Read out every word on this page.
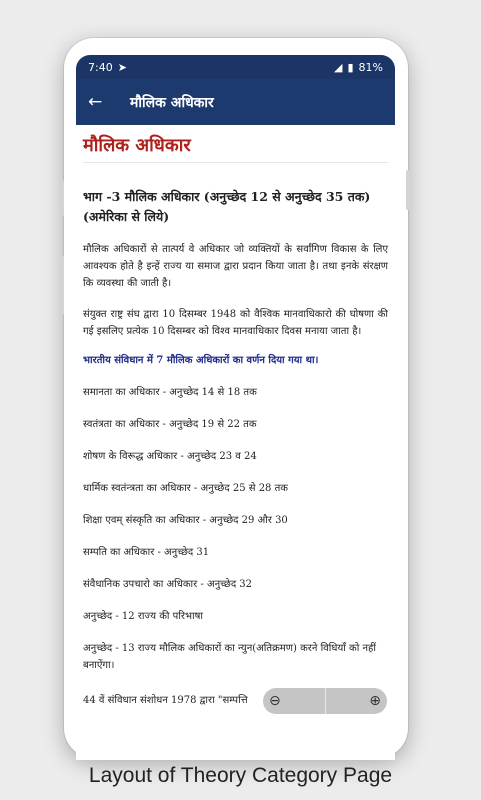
7:40 ➤	◢ ▮ 81%
←	मौलिक अधिकार
मौलिक अधिकार
भाग -3 मौलिक अधिकार (अनुच्छेद 12 से अनुच्छेद 35 तक) (अमेरिका से लिये)
मौलिक अधिकारों से तात्पर्य वे अधिकार जो व्यक्तियों के सर्वांगिण विकास के लिए आवश्यक होते है इन्हें राज्य या समाज द्वारा प्रदान किया जाता है। तथा इनके संरक्षण कि व्यवस्था की जाती है।
संयुक्त राष्ट्र संघ द्वारा 10 दिसम्बर 1948 को वैश्विक मानवाधिकारो की घोषणा की गई इसलिए प्रत्येक 10 दिसम्बर को विश्व मानवाधिकार दिवस मनाया जाता है।
भारतीय संविधान में 7 मौलिक अधिकारों का वर्णन दिया गया था।
समानता का अधिकार - अनुच्छेद 14 से 18 तक
स्वतंत्रता का अधिकार - अनुच्छेद 19 से 22 तक
शोषण के विरूद्ध अधिकार - अनुच्छेद 23 व 24
धार्मिक स्वतंन्त्रता का अधिकार - अनुच्छेद 25 से 28 तक
शिक्षा एवम् संस्कृति का अधिकार - अनुच्छेद 29 और 30
सम्पति का अधिकार - अनुच्छेद 31
संवैधानिक उपचारो का अधिकार - अनुच्छेद 32
अनुच्छेद - 12 राज्य की परिभाषा
अनुच्छेद - 13 राज्य मौलिक अधिकारों का न्युन(अतिक्रमण) करने विधियाँ को नहीं बनाऐंगा।
44 वें संविधान संशोधन 1978 द्वारा "सम्पत्ति	⊖	⊕
Layout of Theory Category Page
